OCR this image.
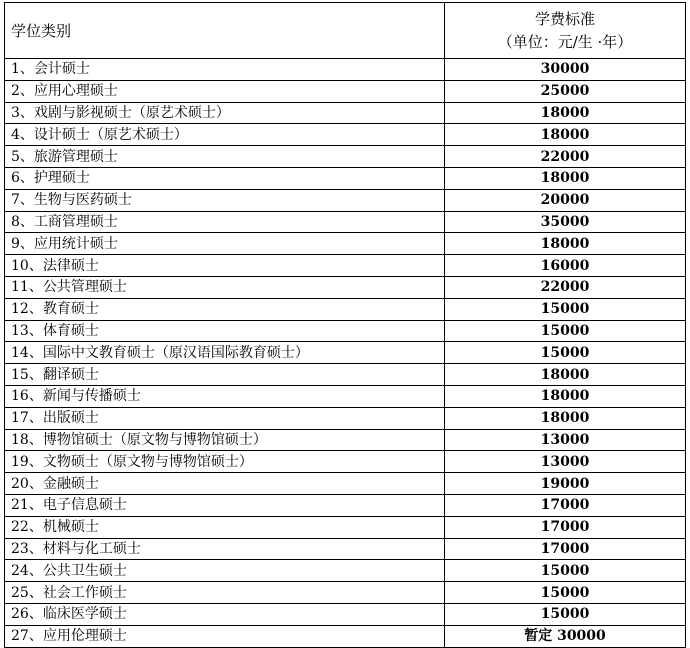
学位类别	学费标准
（单位：元/生 ·年）

1、会计硕士	30000
2、应用心理硕士	25000
3、戏剧与影视硕士（原艺术硕士）	18000
4、设计硕士（原艺术硕士）	18000
5、旅游管理硕士	22000
6、护理硕士	18000
7、生物与医药硕士	20000
8、工商管理硕士	35000
9、应用统计硕士	18000
10、法律硕士	16000
11、公共管理硕士	22000
12、教育硕士	15000
13、体育硕士	15000
14、国际中文教育硕士（原汉语国际教育硕士）	15000
15、翻译硕士	18000
16、新闻与传播硕士	18000
17、出版硕士	18000
18、博物馆硕士（原文物与博物馆硕士）	13000
19、文物硕士（原文物与博物馆硕士）	13000
20、金融硕士	19000
21、电子信息硕士	17000
22、机械硕士	17000
23、材料与化工硕士	17000
24、公共卫生硕士	15000
25、社会工作硕士	15000
26、临床医学硕士	15000
27、应用伦理硕士	暂定 30000
